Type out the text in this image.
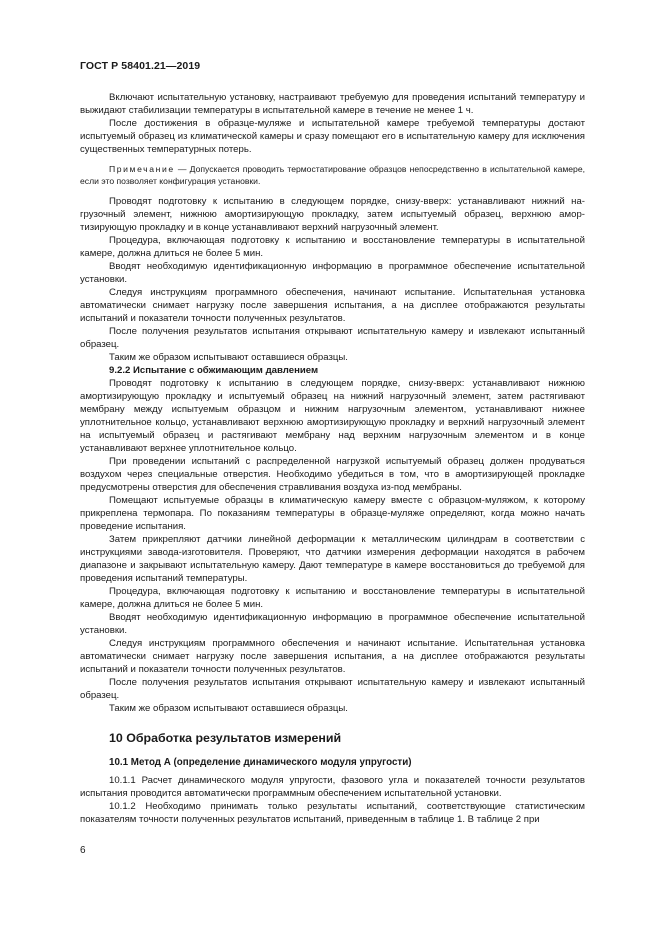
ГОСТ Р 58401.21—2019

Включают испытательную установку, настраивают требуемую для проведения испытаний температуру и выжидают стабилизации температуры в испытательной камере в течение не менее 1 ч.

После достижения в образце-муляже и испытательной камере требуемой температуры достают испытуемый образец из климатической камеры и сразу помещают его в испытательную камеру для исключения существенных температурных потерь.

Примечание — Допускается проводить термостатирование образцов непосредственно в испытательной камере, если это позволяет конфигурация установки.

Проводят подготовку к испытанию в следующем порядке, снизу-вверх: устанавливают нижний нагрузочный элемент, нижнюю амортизирующую прокладку, затем испытуемый образец, верхнюю амортизирующую прокладку и в конце устанавливают верхний нагрузочный элемент.

Процедура, включающая подготовку к испытанию и восстановление температуры в испытательной камере, должна длиться не более 5 мин.

Вводят необходимую идентификационную информацию в программное обеспечение испытательной установки.

Следуя инструкциям программного обеспечения, начинают испытание. Испытательная установка автоматически снимает нагрузку после завершения испытания, а на дисплее отображаются результаты испытаний и показатели точности полученных результатов.

После получения результатов испытания открывают испытательную камеру и извлекают испытанный образец.

Таким же образом испытывают оставшиеся образцы.

9.2.2 Испытание с обжимающим давлением

Проводят подготовку к испытанию в следующем порядке, снизу-вверх: устанавливают нижнюю амортизирующую прокладку и испытуемый образец на нижний нагрузочный элемент, затем растягивают мембрану между испытуемым образцом и нижним нагрузочным элементом, устанавливают нижнее уплотнительное кольцо, устанавливают верхнюю амортизирующую прокладку и верхний нагрузочный элемент на испытуемый образец и растягивают мембрану над верхним нагрузочным элементом и в конце устанавливают верхнее уплотнительное кольцо.

При проведении испытаний с распределенной нагрузкой испытуемый образец должен продуваться воздухом через специальные отверстия. Необходимо убедиться в том, что в амортизирующей прокладке предусмотрены отверстия для обеспечения стравливания воздуха из-под мембраны.

Помещают испытуемые образцы в климатическую камеру вместе с образцом-муляжом, к которому прикреплена термопара. По показаниям температуры в образце-муляже определяют, когда можно начать проведение испытания.

Затем прикрепляют датчики линейной деформации к металлическим цилиндрам в соответствии с инструкциями завода-изготовителя. Проверяют, что датчики измерения деформации находятся в рабочем диапазоне и закрывают испытательную камеру. Дают температуре в камере восстановиться до требуемой для проведения испытаний температуры.

Процедура, включающая подготовку к испытанию и восстановление температуры в испытательной камере, должна длиться не более 5 мин.

Вводят необходимую идентификационную информацию в программное обеспечение испытательной установки.

Следуя инструкциям программного обеспечения и начинают испытание. Испытательная установка автоматически снимает нагрузку после завершения испытания, а на дисплее отображаются результаты испытаний и показатели точности полученных результатов.

После получения результатов испытания открывают испытательную камеру и извлекают испытанный образец.

Таким же образом испытывают оставшиеся образцы.

10 Обработка результатов измерений

10.1 Метод А (определение динамического модуля упругости)

10.1.1 Расчет динамического модуля упругости, фазового угла и показателей точности результатов испытания проводится автоматически программным обеспечением испытательной установки.

10.1.2 Необходимо принимать только результаты испытаний, соответствующие статистическим показателям точности полученных результатов испытаний, приведенным в таблице 1. В таблице 2 при

6
